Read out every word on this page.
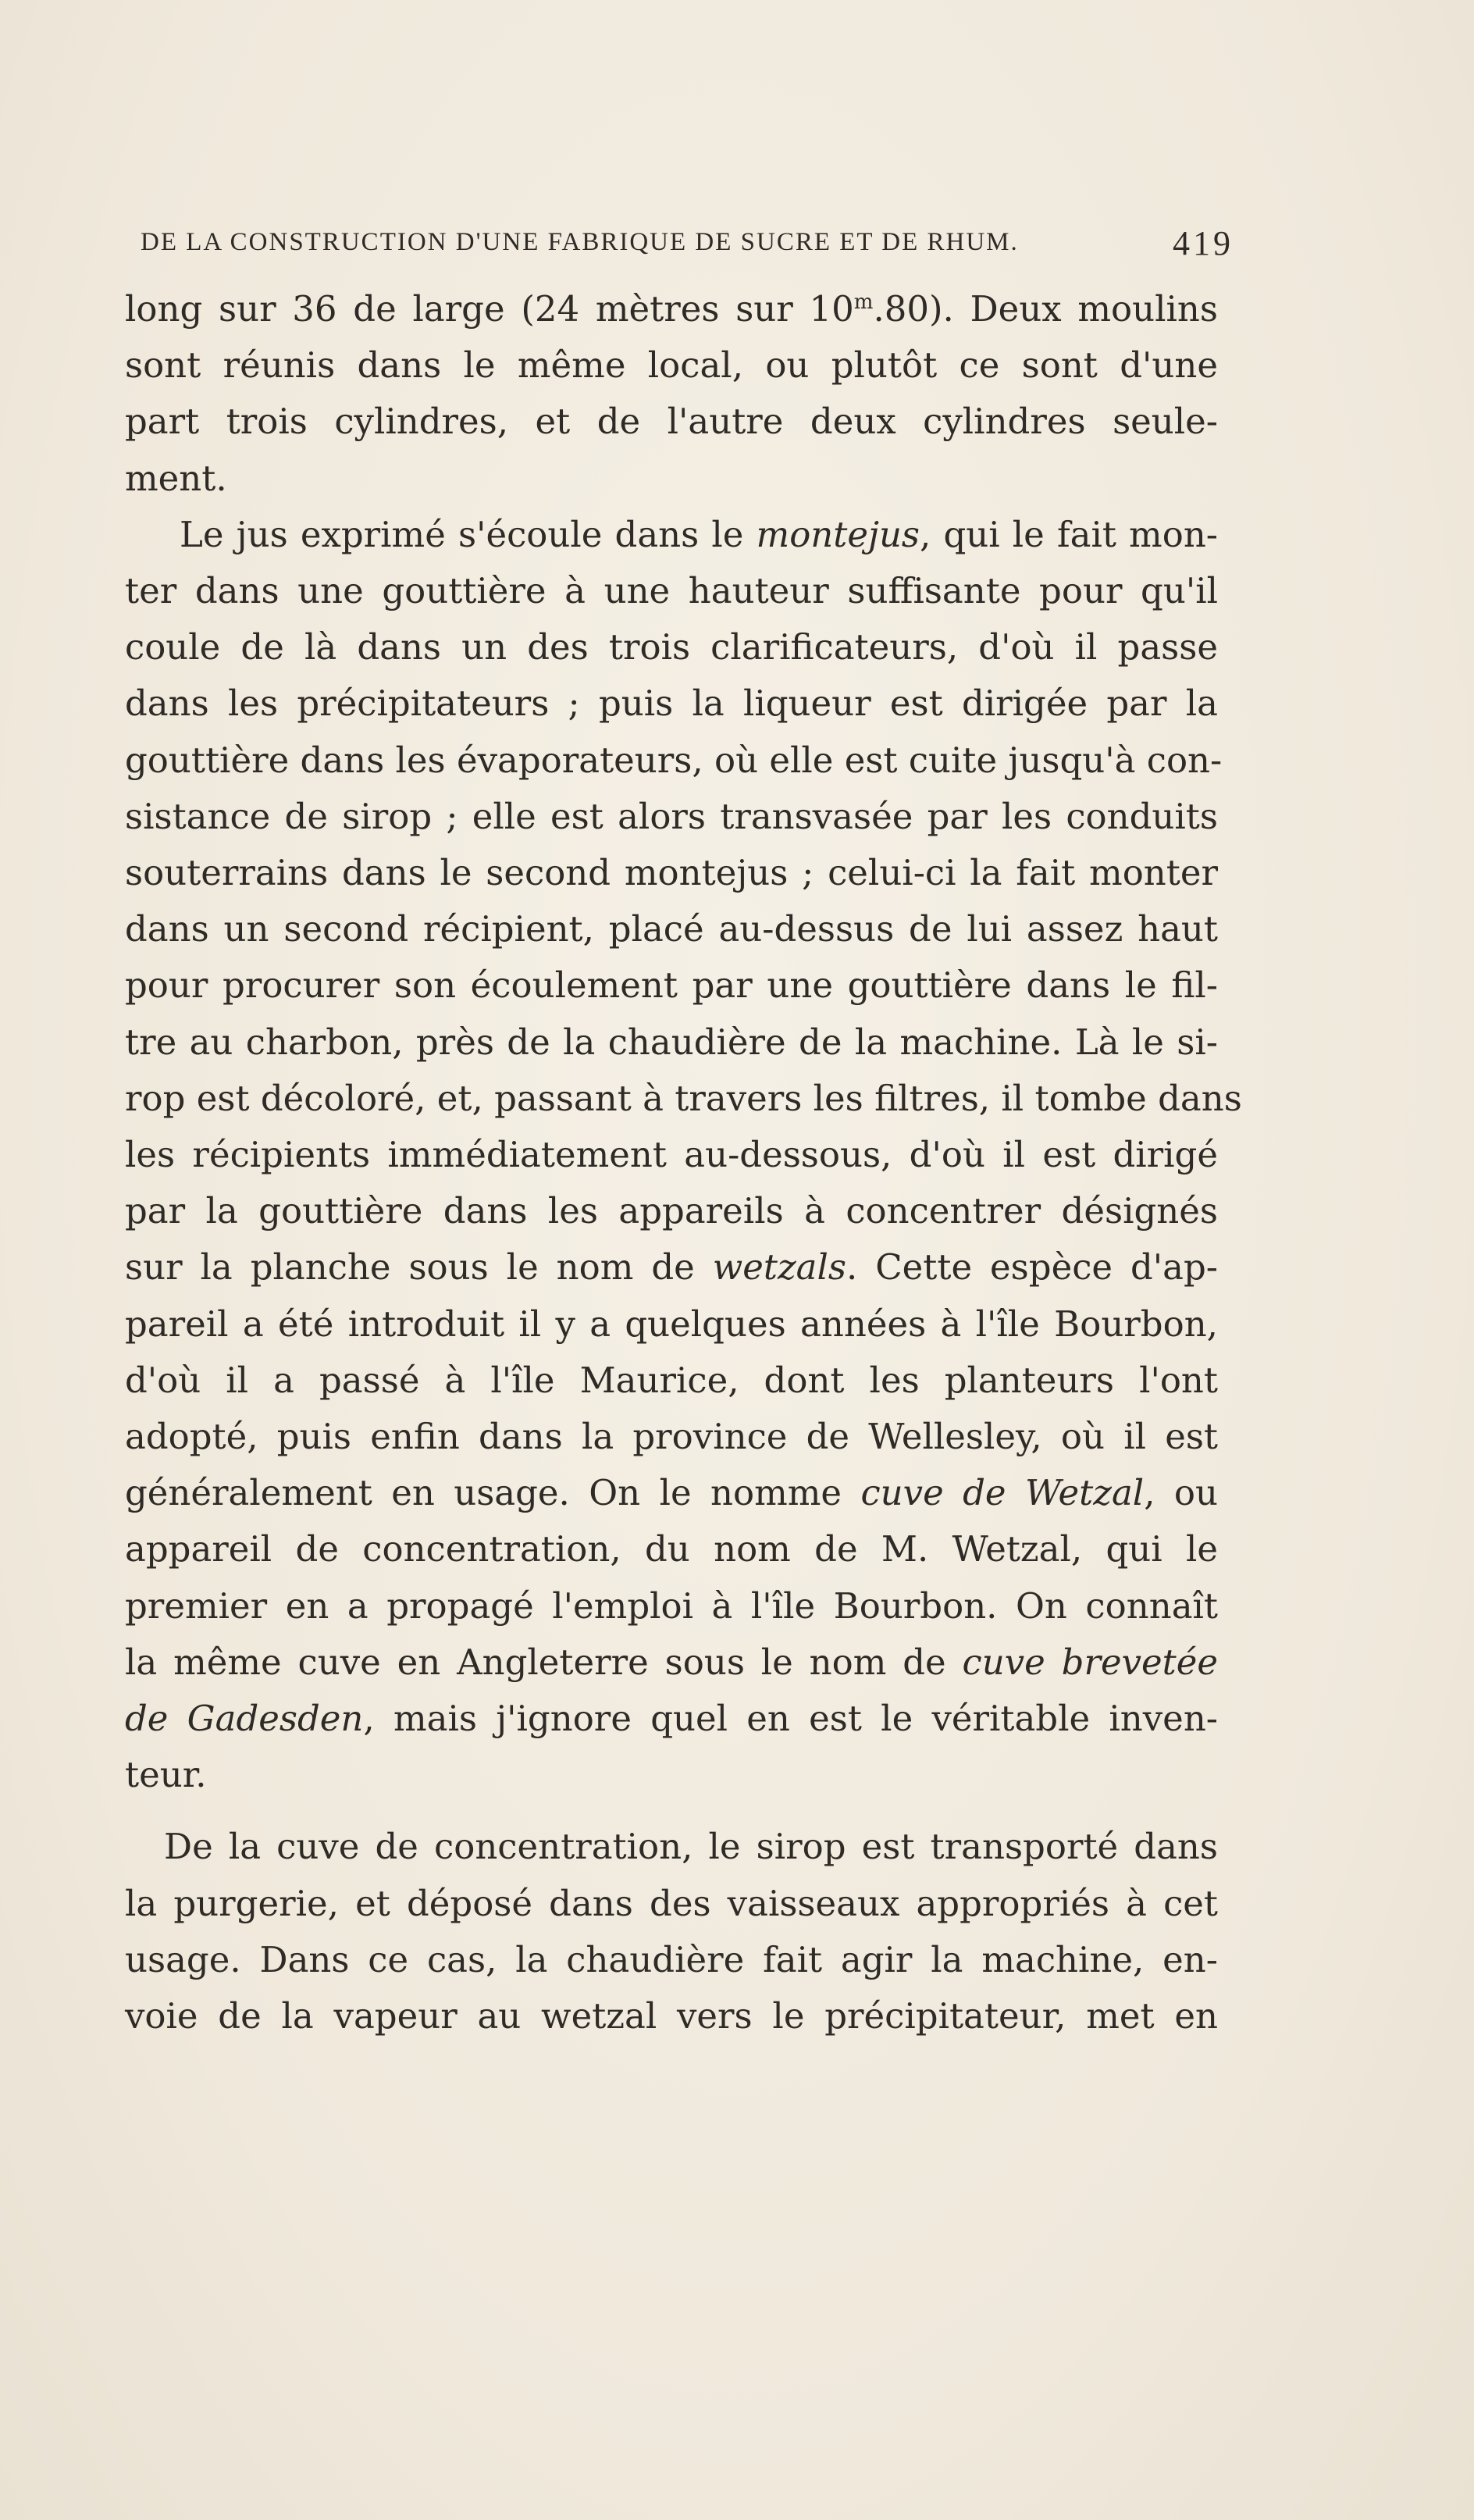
DE LA CONSTRUCTION D'UNE FABRIQUE DE SUCRE ET DE RHUM.	419
long sur 36 de large (24 mètres sur 10$^m$.80). Deux moulins
sont réunis dans le même local, ou plutôt ce sont d'une
part trois cylindres, et de l'autre deux cylindres seule-
ment.
Le jus exprimé s'écoule dans le montejus, qui le fait mon-
ter dans une gouttière à une hauteur suffisante pour qu'il
coule de là dans un des trois clarificateurs, d'où il passe
dans les précipitateurs ; puis la liqueur est dirigée par la
gouttière dans les évaporateurs, où elle est cuite jusqu'à con-
sistance de sirop ; elle est alors transvasée par les conduits
souterrains dans le second montejus ; celui-ci la fait monter
dans un second récipient, placé au-dessus de lui assez haut
pour procurer son écoulement par une gouttière dans le fil-
tre au charbon, près de la chaudière de la machine. Là le si-
rop est décoloré, et, passant à travers les filtres, il tombe dans
les récipients immédiatement au-dessous, d'où il est dirigé
par la gouttière dans les appareils à concentrer désignés
sur la planche sous le nom de wetzals. Cette espèce d'ap-
pareil a été introduit il y a quelques années à l'île Bourbon,
d'où il a passé à l'île Maurice, dont les planteurs l'ont
adopté, puis enfin dans la province de Wellesley, où il est
généralement en usage. On le nomme cuve de Wetzal, ou
appareil de concentration, du nom de M. Wetzal, qui le
premier en a propagé l'emploi à l'île Bourbon. On connaît
la même cuve en Angleterre sous le nom de cuve brevetée
de Gadesden, mais j'ignore quel en est le véritable inven-
teur.
De la cuve de concentration, le sirop est transporté dans
la purgerie, et déposé dans des vaisseaux appropriés à cet
usage. Dans ce cas, la chaudière fait agir la machine, en-
voie de la vapeur au wetzal vers le précipitateur, met en
